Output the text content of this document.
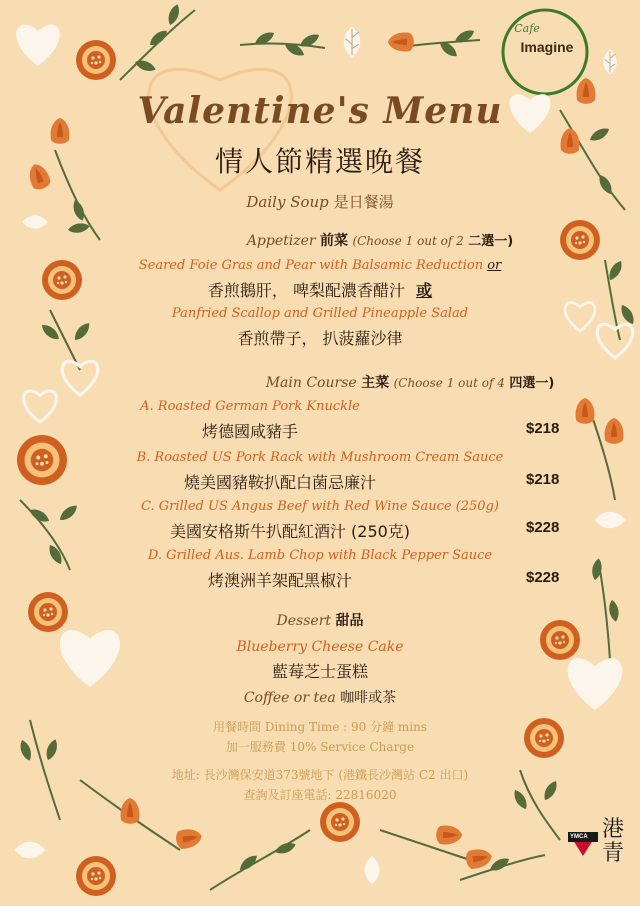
Cafe
Imagine
Valentine's Menu
情人節精選晚餐
Daily Soup 是日餐湯
Appetizer 前菜 (Choose 1 out of 2 二選一)
Seared Foie Gras and Pear with Balsamic Reduction or
香煎鵝肝， 啤梨配濃香醋汁 或
Panfried Scallop and Grilled Pineapple Salad
香煎帶子， 扒菠蘿沙律
Main Course 主菜 (Choose 1 out of 4 四選一)
A. Roasted German Pork Knuckle
烤德國咸豬手	$218
B. Roasted US Pork Rack with Mushroom Cream Sauce
燒美國豬鞍扒配白菌忌廉汁	$218
C. Grilled US Angus Beef with Red Wine Sauce (250g)
美國安格斯牛扒配紅酒汁 (250克)	$228
D. Grilled Aus. Lamb Chop with Black Pepper Sauce
烤澳洲羊架配黑椒汁	$228
Dessert 甜品
Blueberry Cheese Cake
藍莓芝士蛋糕
Coffee or tea 咖啡或茶
用餐時間 Dining Time : 90 分鐘 mins
加一服務費 10% Service Charge
地址: 長沙灣保安道373號地下 (港鐵長沙灣站 C2 出口)
查詢及訂座電話: 22816020
YMCA 港青
